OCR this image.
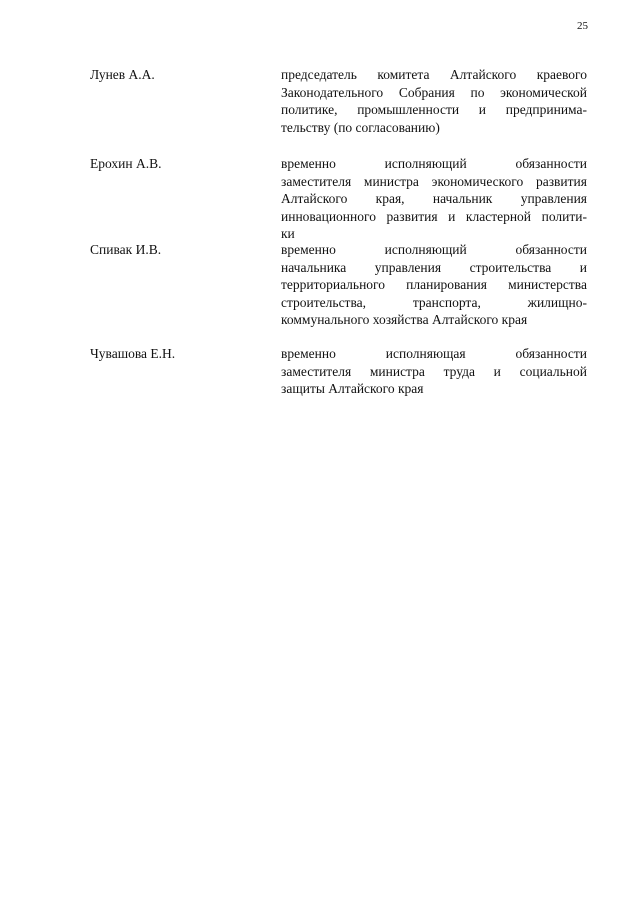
25
Лунев А.А.	председатель комитета Алтайского краевого
Законодательного Собрания по экономической
политике, промышленности и предпринима-
тельству (по согласованию)
Ерохин А.В.	временно исполняющий обязанности
заместителя министра экономического развития
Алтайского края, начальник управления
инновационного развития и кластерной полити-
ки
Спивак И.В.	временно исполняющий обязанности
начальника управления строительства и
территориального планирования министерства
строительства, транспорта, жилищно-
коммунального хозяйства Алтайского края
Чувашова Е.Н.	временно исполняющая обязанности
заместителя министра труда и социальной
защиты Алтайского края
